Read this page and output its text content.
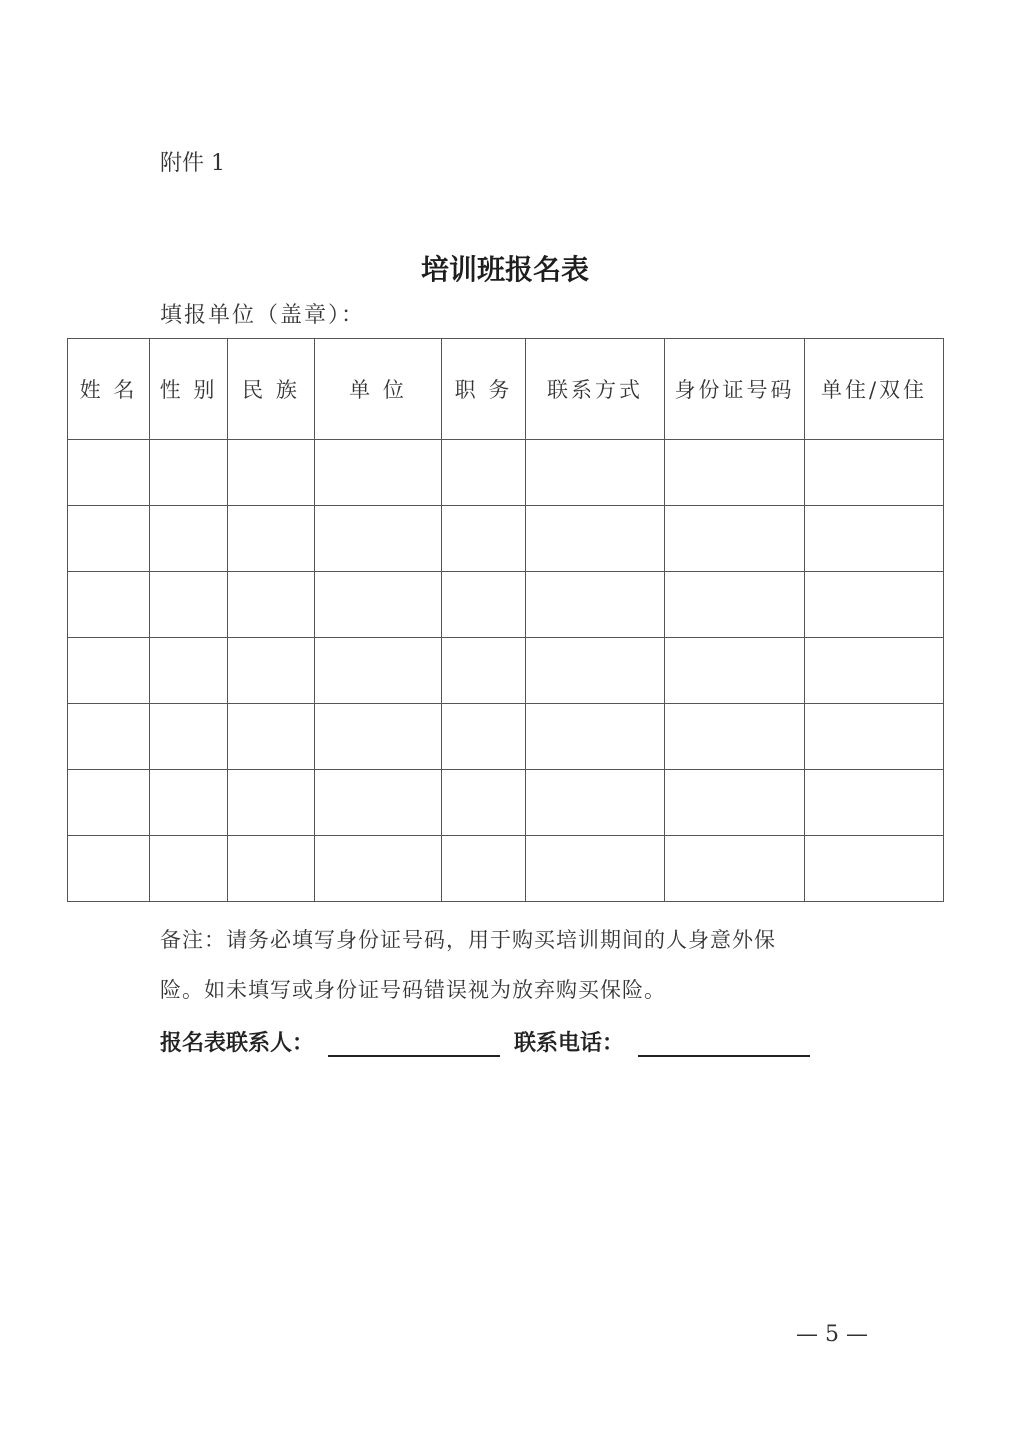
附件 1
培训班报名表
填报单位（盖章）：
姓 名	性 别	民 族	单 位	职 务	联系方式	身份证号码	单住/双住

备注：请务必填写身份证号码，用于购买培训期间的人身意外保
险。如未填写或身份证号码错误视为放弃购买保险。
报名表联系人：	联系电话：
— 5 —
